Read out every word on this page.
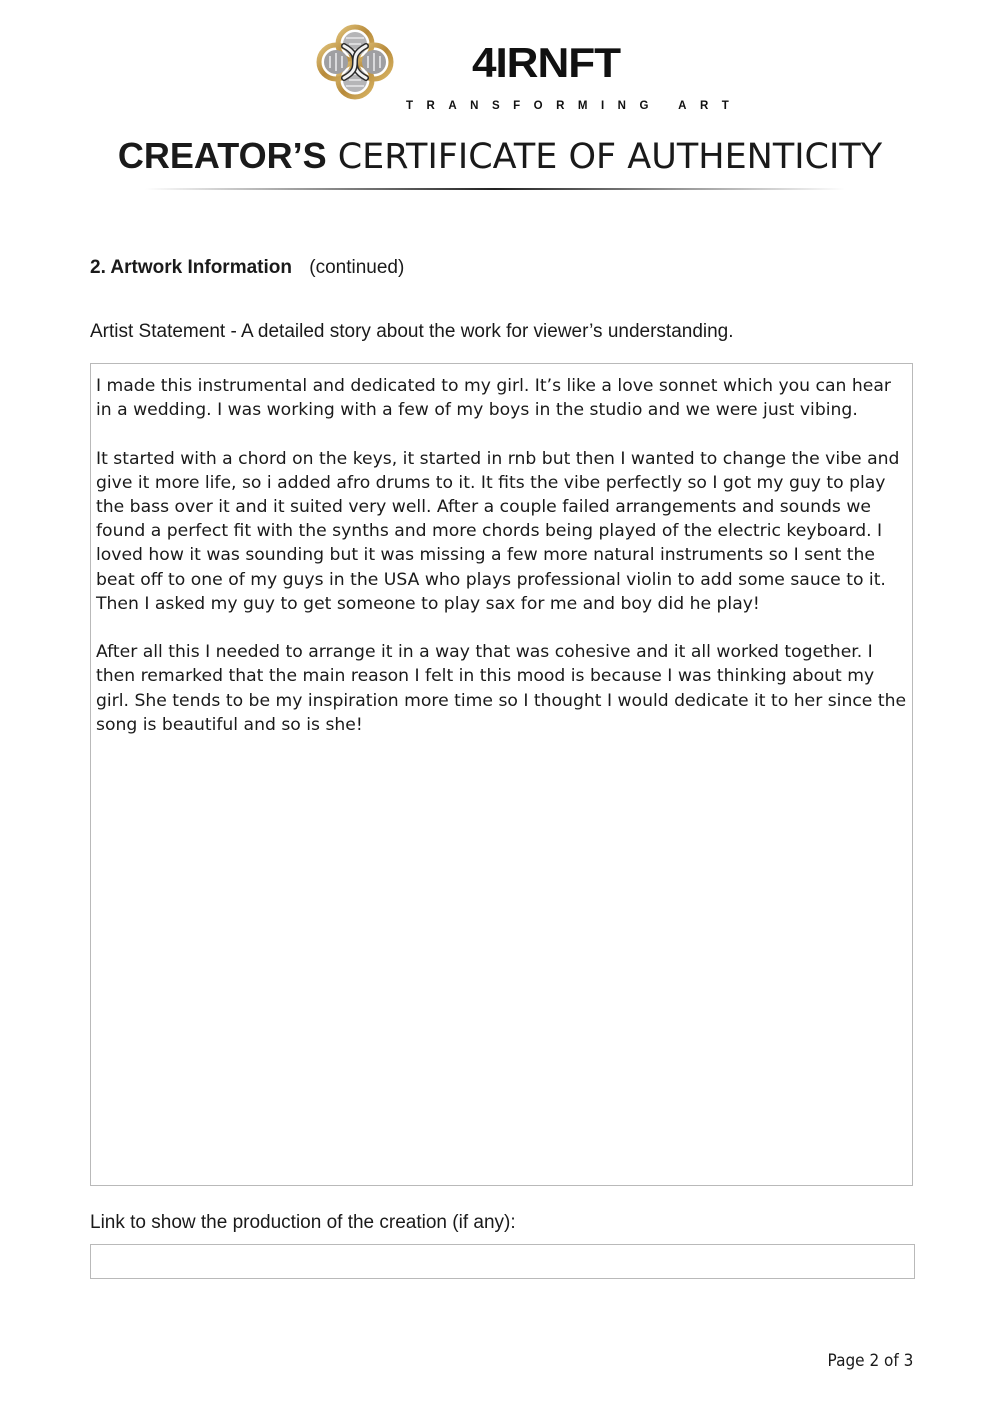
4IRNFT
TRANSFORMING ART
CREATOR’S CERTIFICATE OF AUTHENTICITY
2. Artwork Information (continued)
Artist Statement - A detailed story about the work for viewer’s understanding.

I made this instrumental and dedicated to my girl. It’s like a love sonnet which you can hear in a wedding. I was working with a few of my boys in the studio and we were just vibing.

It started with a chord on the keys, it started in rnb but then I wanted to change the vibe and give it more life, so i added afro drums to it. It fits the vibe perfectly so I got my guy to play the bass over it and it suited very well. After a couple failed arrangements and sounds we found a perfect fit with the synths and more chords being played of the electric keyboard. I loved how it was sounding but it was missing a few more natural instruments so I sent the beat off to one of my guys in the USA who plays professional violin to add some sauce to it. Then I asked my guy to get someone to play sax for me and boy did he play!

After all this I needed to arrange it in a way that was cohesive and it all worked together. I then remarked that the main reason I felt in this mood is because I was thinking about my girl. She tends to be my inspiration more time so I thought I would dedicate it to her since the song is beautiful and so is she!

Link to show the production of the creation (if any):
Page 2 of 3
